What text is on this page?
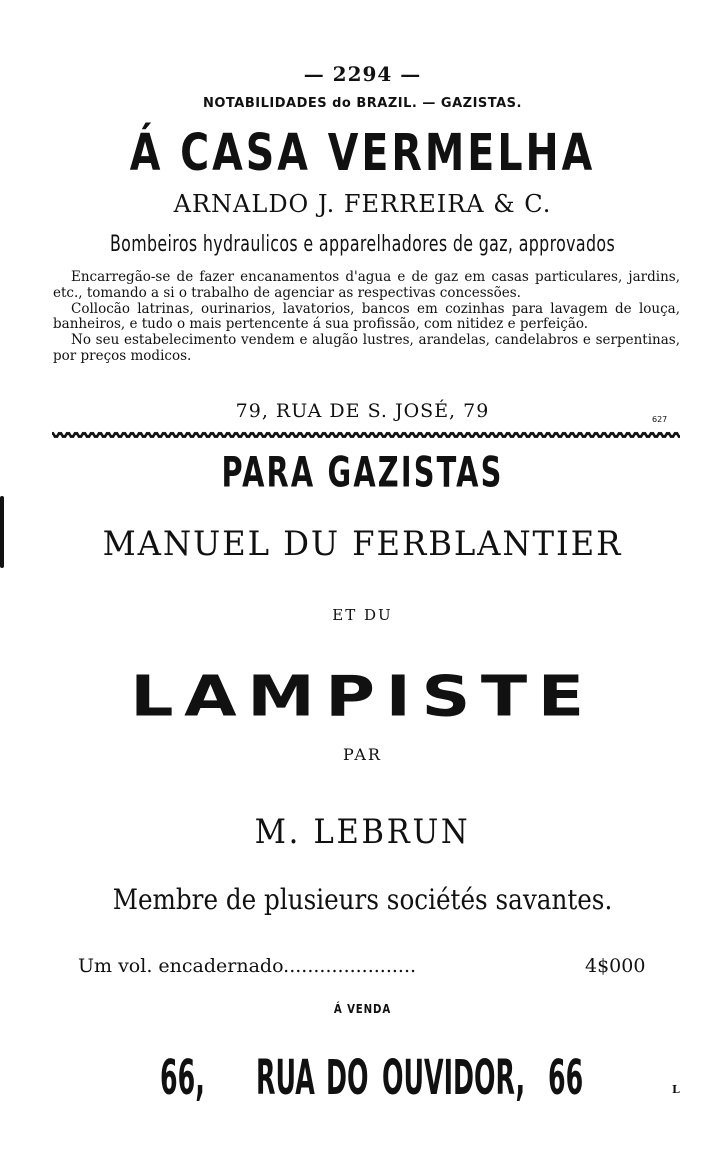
— 2294 —
NOTABILIDADES do BRAZIL. — GAZISTAS.
Á CASA VERMELHA
ARNALDO J. FERREIRA & C.
Bombeiros hydraulicos e apparelhadores de gaz, approvados

Encarregão-se de fazer encanamentos d'agua e de gaz em casas particulares, jardins, etc., tomando a si o trabalho de agenciar as respectivas concessões.

Collocão latrinas, ourinarios, lavatorios, bancos em cozinhas para lavagem de louça, banheiros, e tudo o mais pertencente á sua profissão, com nitidez e perfeição.

No seu estabelecimento vendem e alugão lustres, arandelas, candelabros e serpentinas, por preços modicos.

79, RUA DE S. JOSÉ, 79	627
PARA GAZISTAS
MANUEL DU FERBLANTIER
ET DU
LAMPISTE
PAR
M. LEBRUN
Membre de plusieurs sociétés savantes.
Um vol. encadernado......................	4$000
Á VENDA
66, RUA DO OUVIDOR, 66	L
